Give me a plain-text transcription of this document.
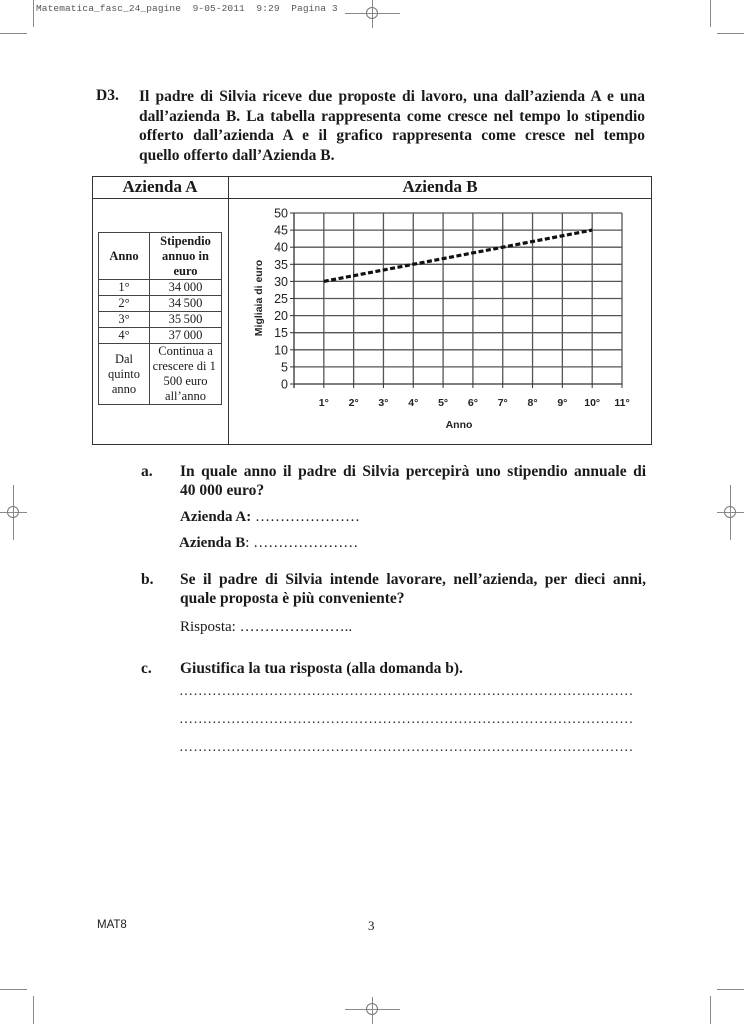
Matematica_fasc_24_pagine  9-05-2011  9:29  Pagina 3
D3. Il padre di Silvia riceve due proposte di lavoro, una dall’azienda A e una
dall’azienda B. La tabella rappresenta come cresce nel tempo lo stipendio
offerto dall’azienda A e il grafico rappresenta come cresce nel tempo
quello offerto dall’Azienda B.
Azienda A	Azienda B
Anno	Stipendio annuo in euro
1°	34 000
2°	34 500
3°	35 500
4°	37 000
Dal quinto anno	Continua a crescere di 1 500 euro all’anno
Migliaia di euro
Anno
0
5
10
15
20
25
30
35
40
45
50
1° 2° 3° 4° 5° 6° 7° 8° 9° 10° 11°
a. In quale anno il padre di Silvia percepirà uno stipendio annuale di
40 000 euro?
Azienda A: …………………
Azienda B: …………………
b. Se il padre di Silvia intende lavorare, nell’azienda, per dieci anni,
quale proposta è più conveniente?
Risposta: …………………..
c. Giustifica la tua risposta (alla domanda b).
……………………………………………………………………………………
……………………………………………………………………………………
……………………………………………………………………………………
MAT8	3
